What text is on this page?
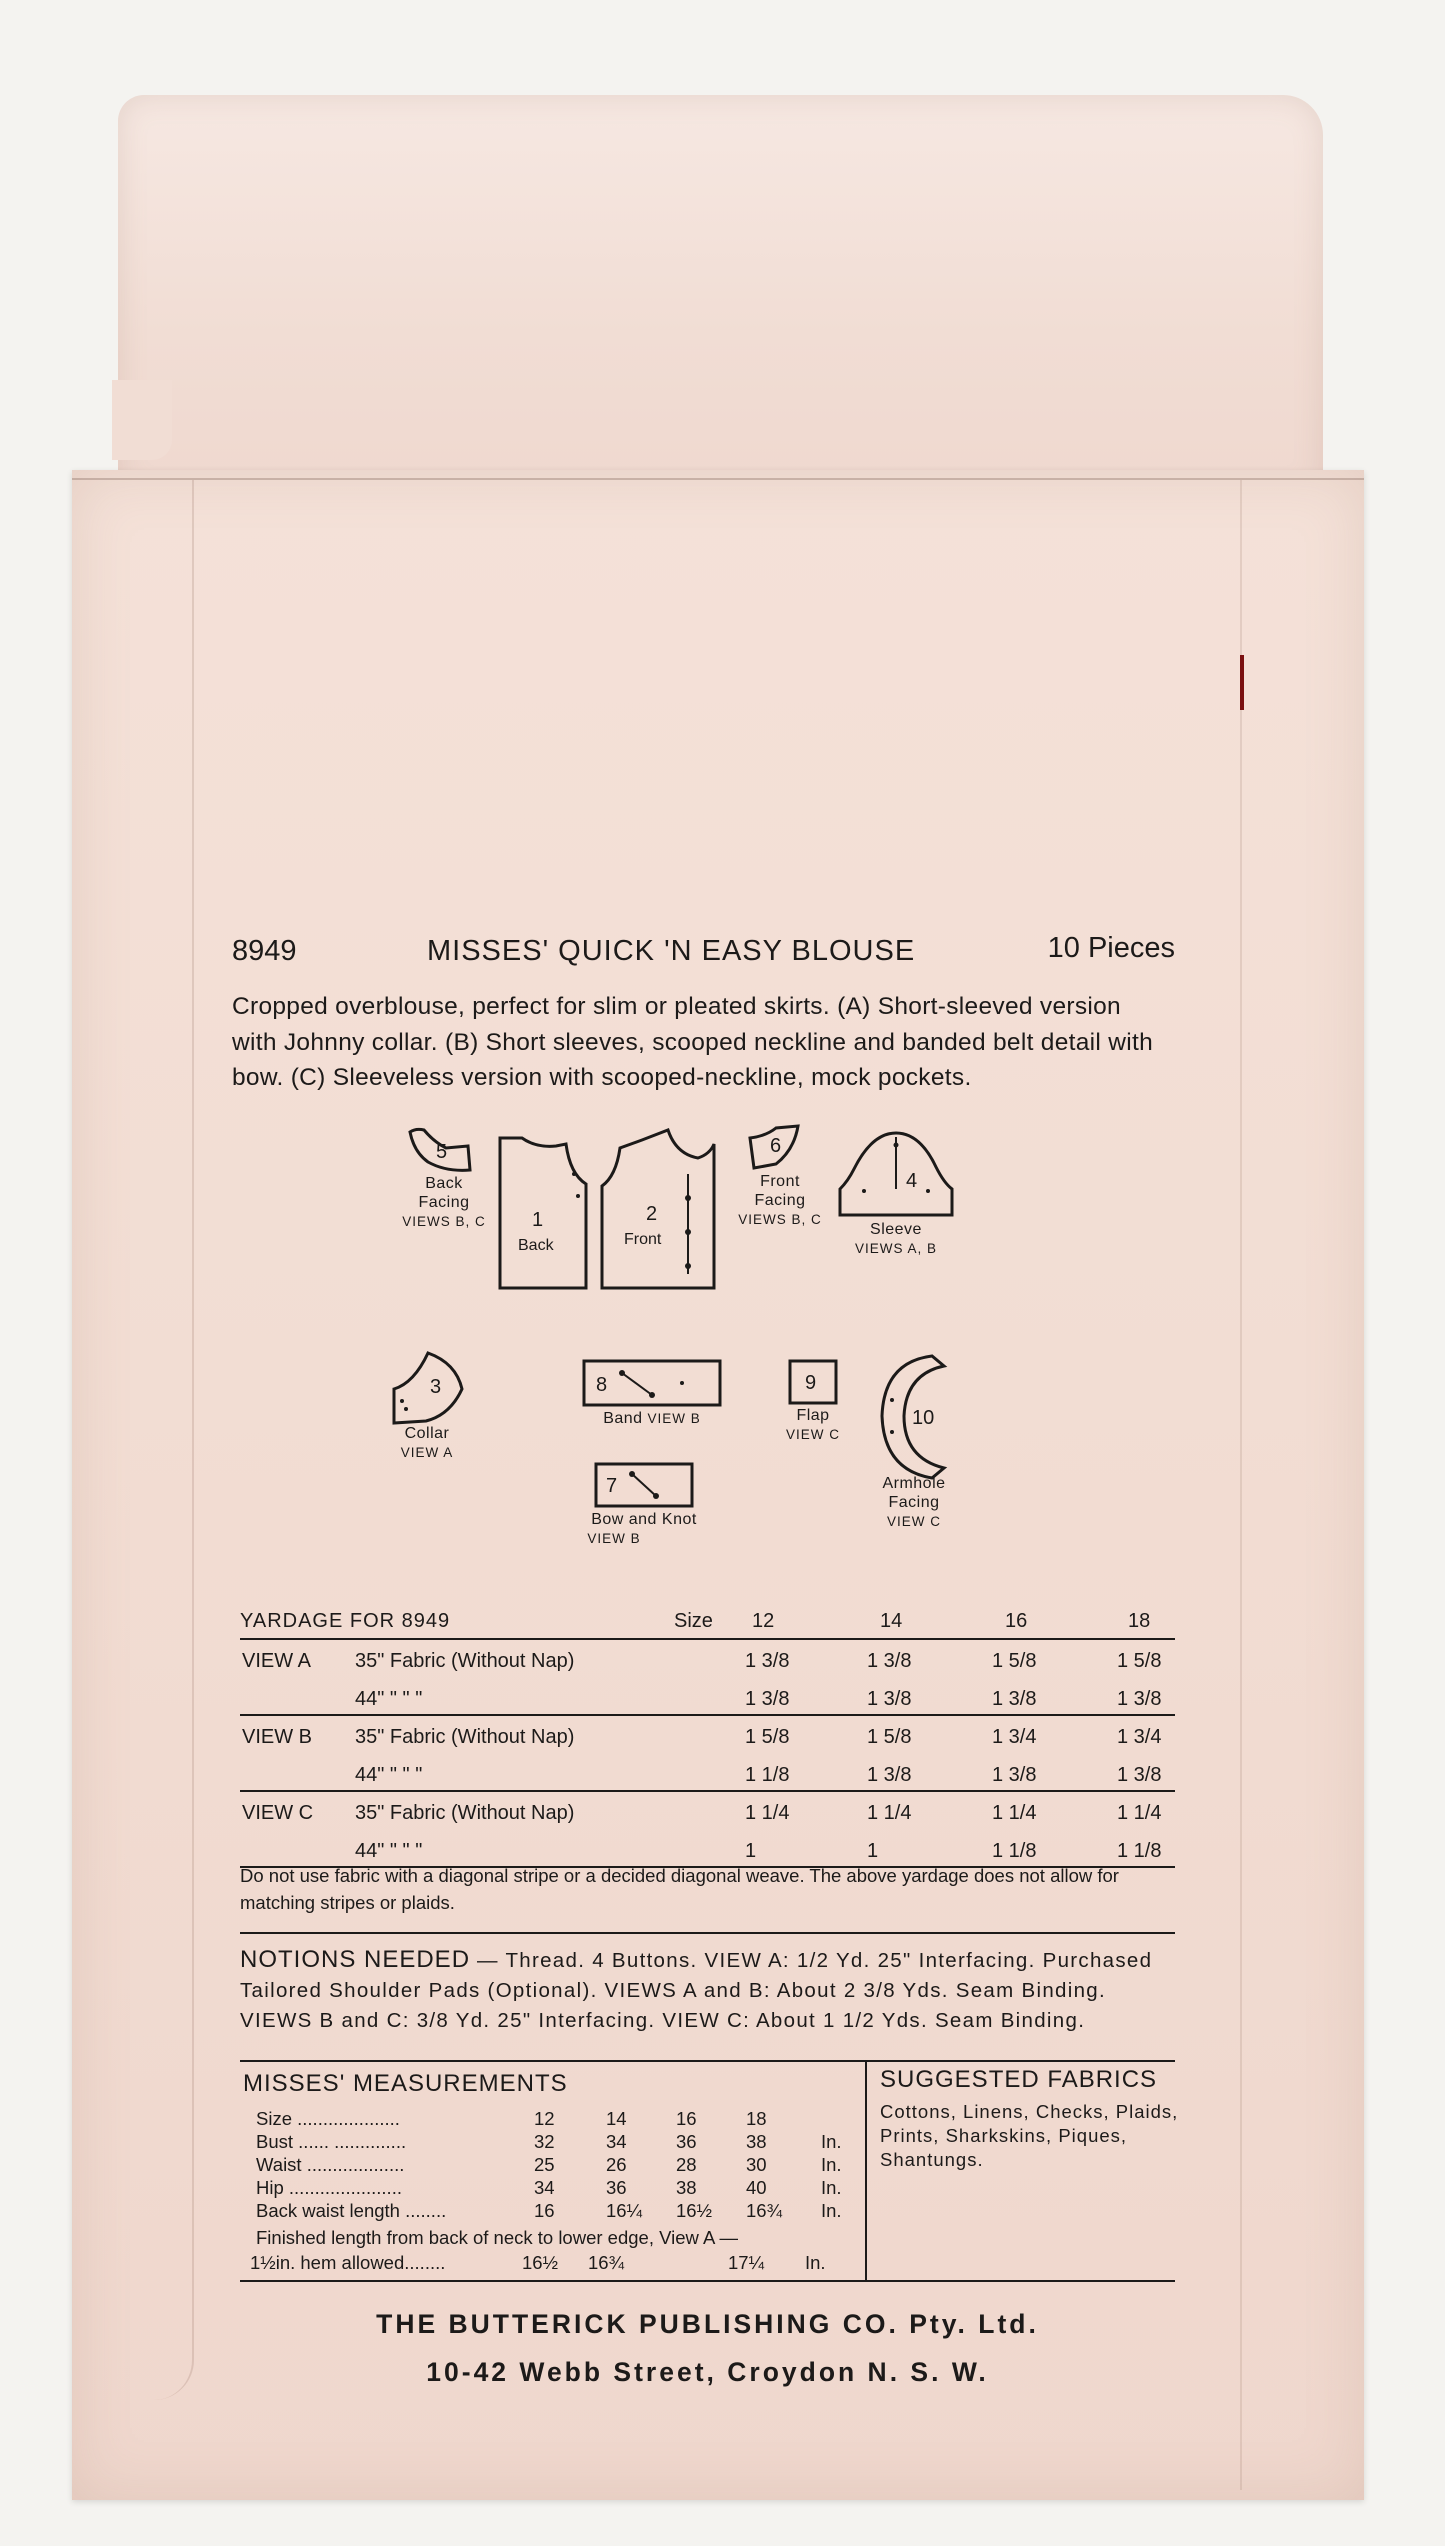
8949	MISSES' QUICK 'N EASY BLOUSE	10 Pieces
Cropped overblouse, perfect for slim or pleated skirts. (A) Short-sleeved version with Johnny collar. (B) Short sleeves, scooped neckline and banded belt detail with bow. (C) Sleeveless version with scooped-neckline, mock pockets.
5
Back Facing
VIEWS B, C	1
Back
2
Front
6
Front Facing
VIEWS B, C
4
Sleeve
VIEWS A, B
3
Collar
VIEW A
8
Band VIEW B
9
Flap
VIEW C
10
Armhole Facing
VIEW C
7
Bow and Knot
VIEW B
YARDAGE FOR 8949	Size 12	14	16	18
VIEW A 35" Fabric (Without Nap)	1 3/8	1 3/8	1 5/8	1 5/8
44" " " "	1 3/8	1 3/8	1 3/8	1 3/8
VIEW B 35" Fabric (Without Nap)	1 5/8	1 5/8	1 3/4	1 3/4
44" " " "	1 1/8	1 3/8	1 3/8	1 3/8
VIEW C 35" Fabric (Without Nap)	1 1/4	1 1/4	1 1/4	1 1/4
44" " " "	1	1	1 1/8	1 1/8
Do not use fabric with a diagonal stripe or a decided diagonal weave. The above yardage does not allow for matching stripes or plaids.
NOTIONS NEEDED — Thread. 4 Buttons. VIEW A: 1/2 Yd. 25" Interfacing. Purchased Tailored Shoulder Pads (Optional). VIEWS A and B: About 2 3/8 Yds. Seam Binding. VIEWS B and C: 3/8 Yd. 25" Interfacing. VIEW C: About 1 1/2 Yds. Seam Binding.
MISSES' MEASUREMENTS
Size ....................	12	14	16	18
Bust ...... ..............	32	34	36	38	In.
Waist ...................	25	26	28	30	In.
Hip ......................	34	36	38	40	In.
Back waist length ........	16	16¼ 16½ 16¾ In.
Finished length from back of neck to lower edge, View A —
1½in. hem allowed........	16½ 16¾	17¼ In.
SUGGESTED FABRICS
Cottons, Linens, Checks, Plaids, Prints, Sharkskins, Piques, Shantungs.
THE BUTTERICK PUBLISHING CO. Pty. Ltd.
10-42 Webb Street, Croydon N. S. W.
